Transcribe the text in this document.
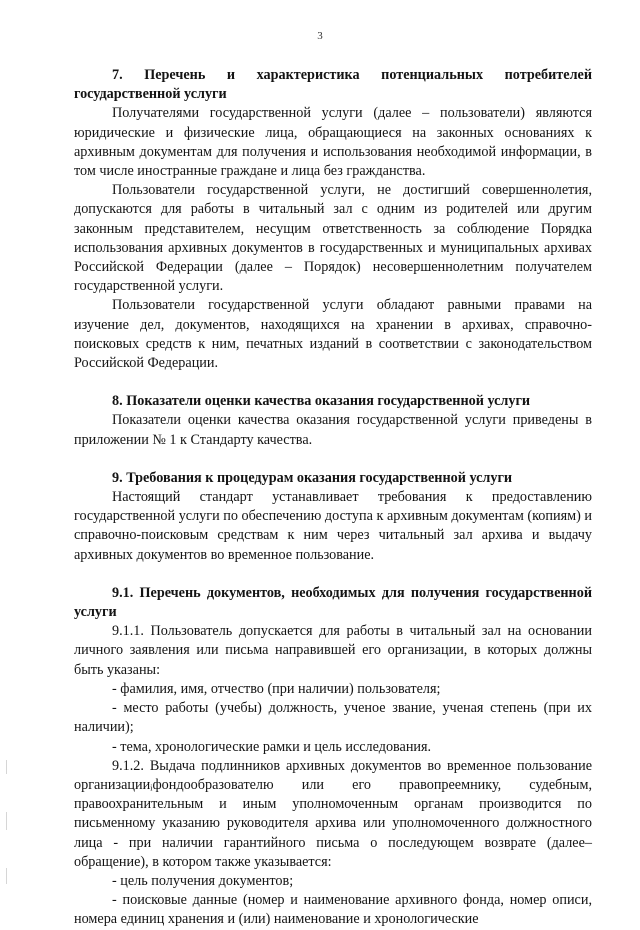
3

7. Перечень и характеристика потенциальных потребителей государственной услуги

Получателями государственной услуги (далее – пользователи) являются юридические и физические лица, обращающиеся на законных основаниях к архивным документам для получения и использования необходимой информации, в том числе иностранные граждане и лица без гражданства.

Пользователи государственной услуги, не достигший совершеннолетия, допускаются для работы в читальный зал с одним из родителей или другим законным представителем, несущим ответственность за соблюдение Порядка использования архивных документов в государственных и муниципальных архивах Российской Федерации (далее – Порядок) несовершеннолетним получателем государственной услуги.

Пользователи государственной услуги обладают равными правами на изучение дел, документов, находящихся на хранении в архивах, справочно-поисковых средств к ним, печатных изданий в соответствии с законодательством Российской Федерации.

8. Показатели оценки качества оказания государственной услуги

Показатели оценки качества оказания государственной услуги приведены в приложении № 1 к Стандарту качества.

9. Требования к процедурам оказания государственной услуги

Настоящий стандарт устанавливает требования к предоставлению государственной услуги по обеспечению доступа к архивным документам (копиям) и справочно-поисковым средствам к ним через читальный зал архива и выдачу архивных документов во временное пользование.

9.1. Перечень документов, необходимых для получения государственной услуги

9.1.1. Пользователь допускается для работы в читальный зал на основании личного заявления или письма направившей его организации, в которых должны быть указаны:

- фамилия, имя, отчество (при наличии) пользователя;

- место работы (учебы) должность, ученое звание, ученая степень (при их наличии);

- тема, хронологические рамки и цель исследования.

9.1.2. Выдача подлинников архивных документов во временное пользование организацииᵢфондообразователю или его правопреемнику, судебным, правоохранительным и иным уполномоченным органам производится по письменному указанию руководителя архива или уполномоченного должностного лица - при наличии гарантийного письма о последующем возврате (далее–обращение), в котором также указывается:

- цель получения документов;

- поисковые данные (номер и наименование архивного фонда, номер описи, номера единиц хранения и (или) наименование и хронологические
